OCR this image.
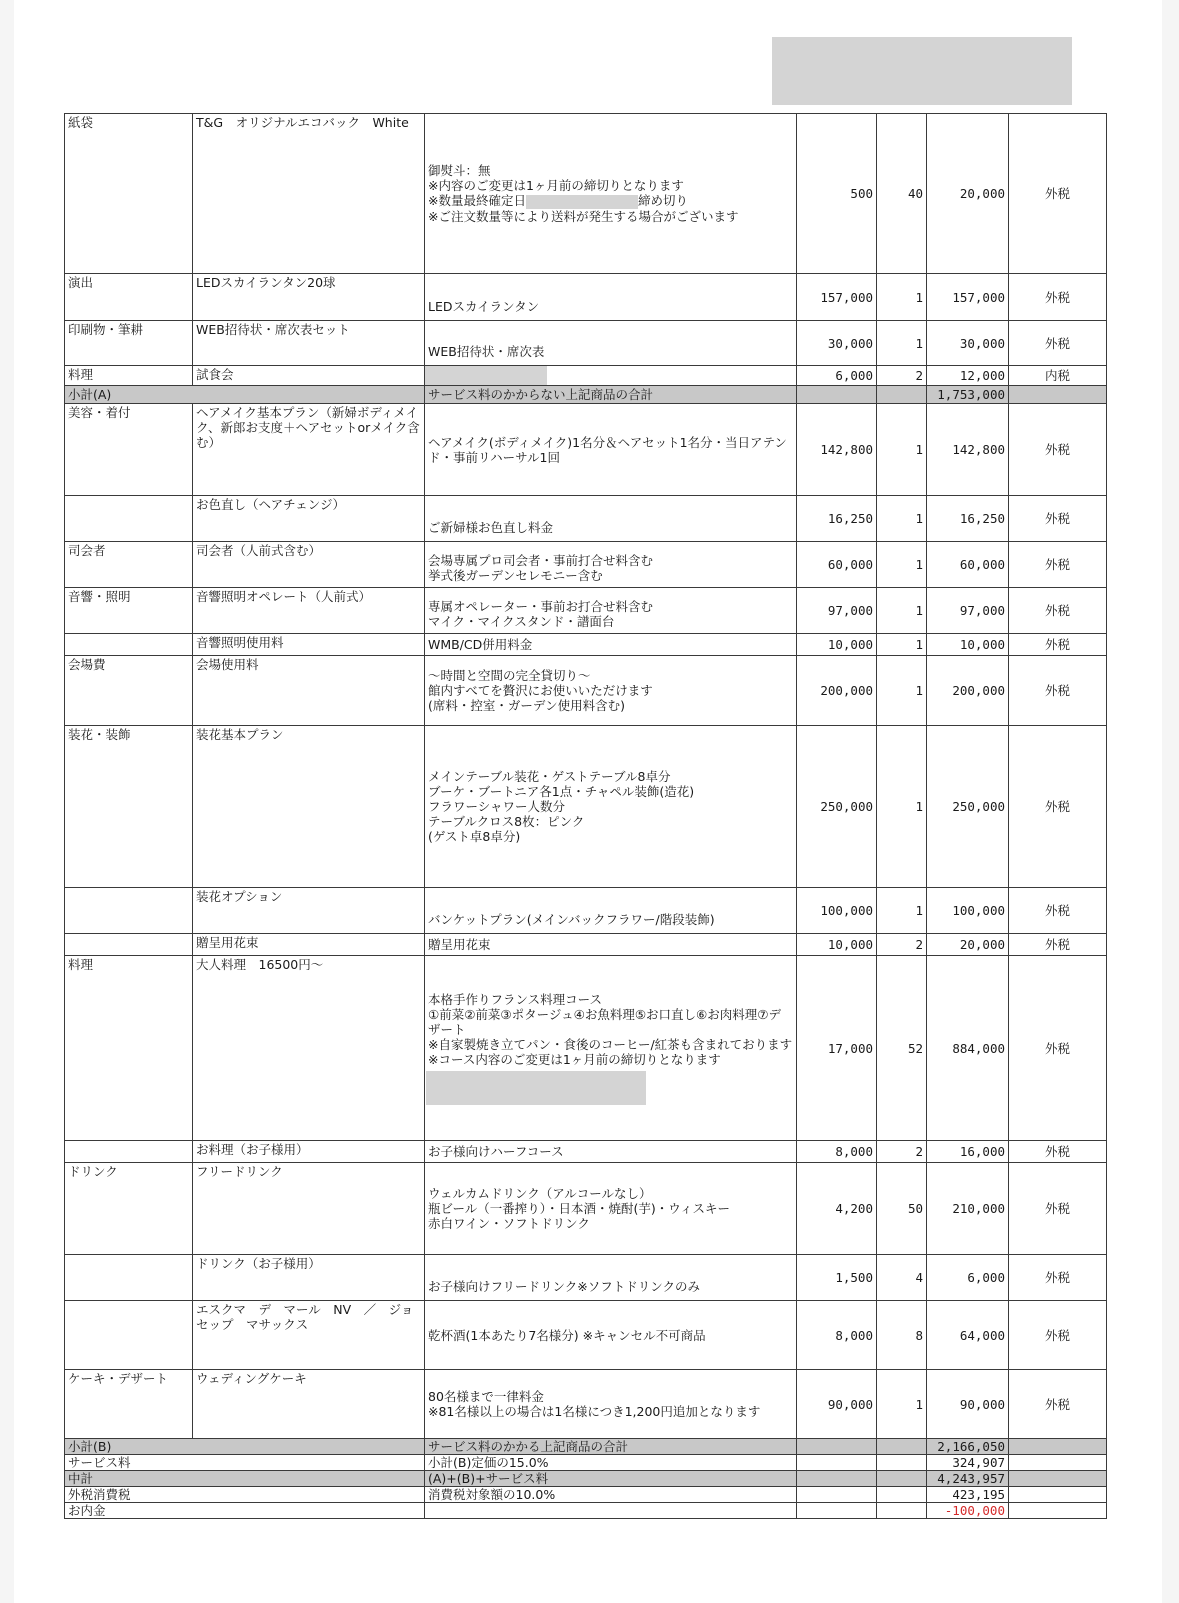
紙袋	T&G　オリジナルエコバック　White	御熨斗：無
※内容のご変更は1ヶ月前の締切りとなります
※数量最終確定日 締め切り
※ご注文数量等により送料が発生する場合がございます	500	40	20,000	外税
演出	LEDスカイランタン20球	LEDスカイランタン	157,000	1	157,000	外税
印刷物・筆耕	WEB招待状・席次表セット	WEB招待状・席次表	30,000	1	30,000	外税
料理	試食会		6,000	2	12,000	内税
小計(A)		サービス料のかからない上記商品の合計			1,753,000	
美容・着付	ヘアメイク基本プラン（新婦ボディメイク、新郎お支度＋ヘアセットorメイク含む）	ヘアメイク(ボディメイク)1名分＆ヘアセット1名分・当日アテンド・事前リハーサル1回	142,800	1	142,800	外税
	お色直し（ヘアチェンジ）	ご新婦様お色直し料金	16,250	1	16,250	外税
司会者	司会者（人前式含む）	会場専属プロ司会者・事前打合せ料含む
挙式後ガーデンセレモニー含む	60,000	1	60,000	外税
音響・照明	音響照明オペレート（人前式）	専属オペレーター・事前お打合せ料含む
マイク・マイクスタンド・譜面台	97,000	1	97,000	外税
	音響照明使用料	WMB/CD併用料金	10,000	1	10,000	外税
会場費	会場使用料	～時間と空間の完全貸切り～
館内すべてを贅沢にお使いいただけます
(席料・控室・ガーデン使用料含む)	200,000	1	200,000	外税
装花・装飾	装花基本プラン	メインテーブル装花・ゲストテーブル8卓分
ブーケ・ブートニア各1点・チャペル装飾(造花)
フラワーシャワー人数分
テーブルクロス8枚：ピンク
(ゲスト卓8卓分)	250,000	1	250,000	外税
	装花オプション	バンケットプラン(メインバックフラワー/階段装飾)	100,000	1	100,000	外税
	贈呈用花束	贈呈用花束	10,000	2	20,000	外税
料理	大人料理　16500円～	本格手作りフランス料理コース
①前菜②前菜③ポタージュ④お魚料理⑤お口直し⑥お肉料理⑦デザート
※自家製焼き立てパン・食後のコーヒー/紅茶も含まれております
※コース内容のご変更は1ヶ月前の締切りとなります	17,000	52	884,000	外税
	お料理（お子様用）	お子様向けハーフコース	8,000	2	16,000	外税
ドリンク	フリードリンク	ウェルカムドリンク（アルコールなし）
瓶ビール（一番搾り）・日本酒・焼酎(芋)・ウィスキー
赤白ワイン・ソフトドリンク	4,200	50	210,000	外税
	ドリンク（お子様用）	お子様向けフリードリンク※ソフトドリンクのみ	1,500	4	6,000	外税
	エスクマ　デ　マール　NV　／　ジョセップ　マサックス	乾杯酒(1本あたり7名様分) ※キャンセル不可商品	8,000	8	64,000	外税
ケーキ・デザート	ウェディングケーキ	80名様まで一律料金
※81名様以上の場合は1名様につき1,200円追加となります	90,000	1	90,000	外税
小計(B)		サービス料のかかる上記商品の合計			2,166,050	
サービス料		小計(B)定価の15.0%			324,907	
中計		(A)+(B)+サービス料			4,243,957	
外税消費税		消費税対象額の10.0%			423,195	
お内金					-100,000	
